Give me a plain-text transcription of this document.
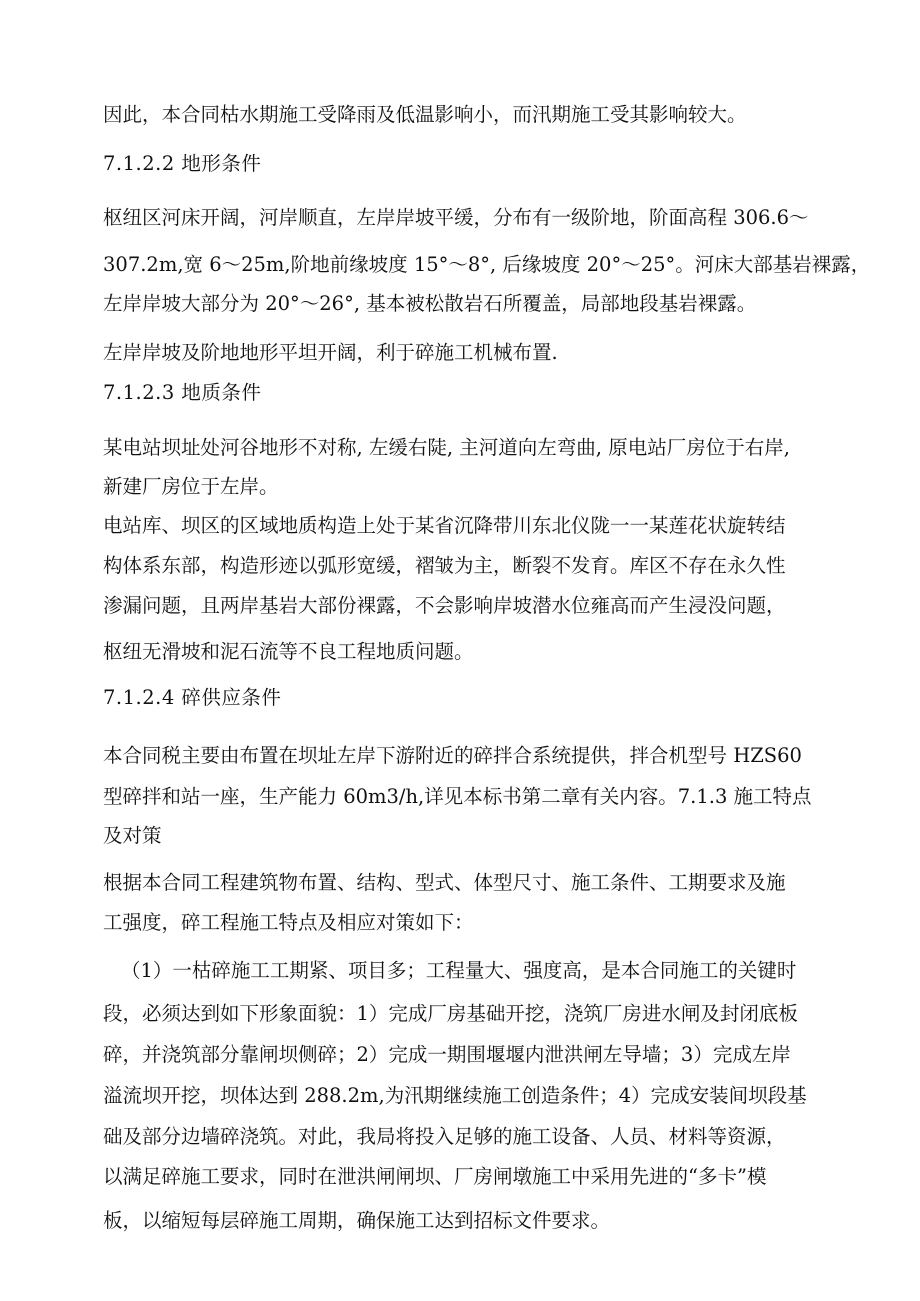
因此，本合同枯水期施工受降雨及低温影响小，而汛期施工受其影响较大。
7.1.2.2 地形条件
枢纽区河床开阔，河岸顺直，左岸岸坡平缓，分布有一级阶地，阶面高程 306.6～
307.2m,宽 6～25m,阶地前缘坡度 15°～8°, 后缘坡度 20°～25°。河床大部基岩裸露，
左岸岸坡大部分为 20°～26°, 基本被松散岩石所覆盖，局部地段基岩裸露。
左岸岸坡及阶地地形平坦开阔，利于碎施工机械布置.
7.1.2.3 地质条件
某电站坝址处河谷地形不对称, 左缓右陡, 主河道向左弯曲, 原电站厂房位于右岸,
新建厂房位于左岸。
电站库、坝区的区域地质构造上处于某省沉降带川东北仪陇一一某莲花状旋转结
构体系东部，构造形迹以弧形宽缓，褶皱为主，断裂不发育。库区不存在永久性
渗漏问题，且两岸基岩大部份裸露，不会影响岸坡潜水位雍高而产生浸没问题，
枢纽无滑坡和泥石流等不良工程地质问题。
7.1.2.4 碎供应条件
本合同税主要由布置在坝址左岸下游附近的碎拌合系统提供，拌合机型号 HZS60
型碎拌和站一座，生产能力 60m3/h,详见本标书第二章有关内容。7.1.3 施工特点
及对策
根据本合同工程建筑物布置、结构、型式、体型尺寸、施工条件、工期要求及施
工强度，碎工程施工特点及相应对策如下：
（1）一枯碎施工工期紧、项目多；工程量大、强度高，是本合同施工的关键时
段，必须达到如下形象面貌：1）完成厂房基础开挖，浇筑厂房进水闸及封闭底板
碎，并浇筑部分靠闸坝侧碎；2）完成一期围堰堰内泄洪闸左导墙；3）完成左岸
溢流坝开挖，坝体达到 288.2m,为汛期继续施工创造条件；4）完成安装间坝段基
础及部分边墙碎浇筑。对此，我局将投入足够的施工设备、人员、材料等资源，
以满足碎施工要求，同时在泄洪闸闸坝、厂房闸墩施工中采用先进的“多卡”模
板，以缩短每层碎施工周期，确保施工达到招标文件要求。
